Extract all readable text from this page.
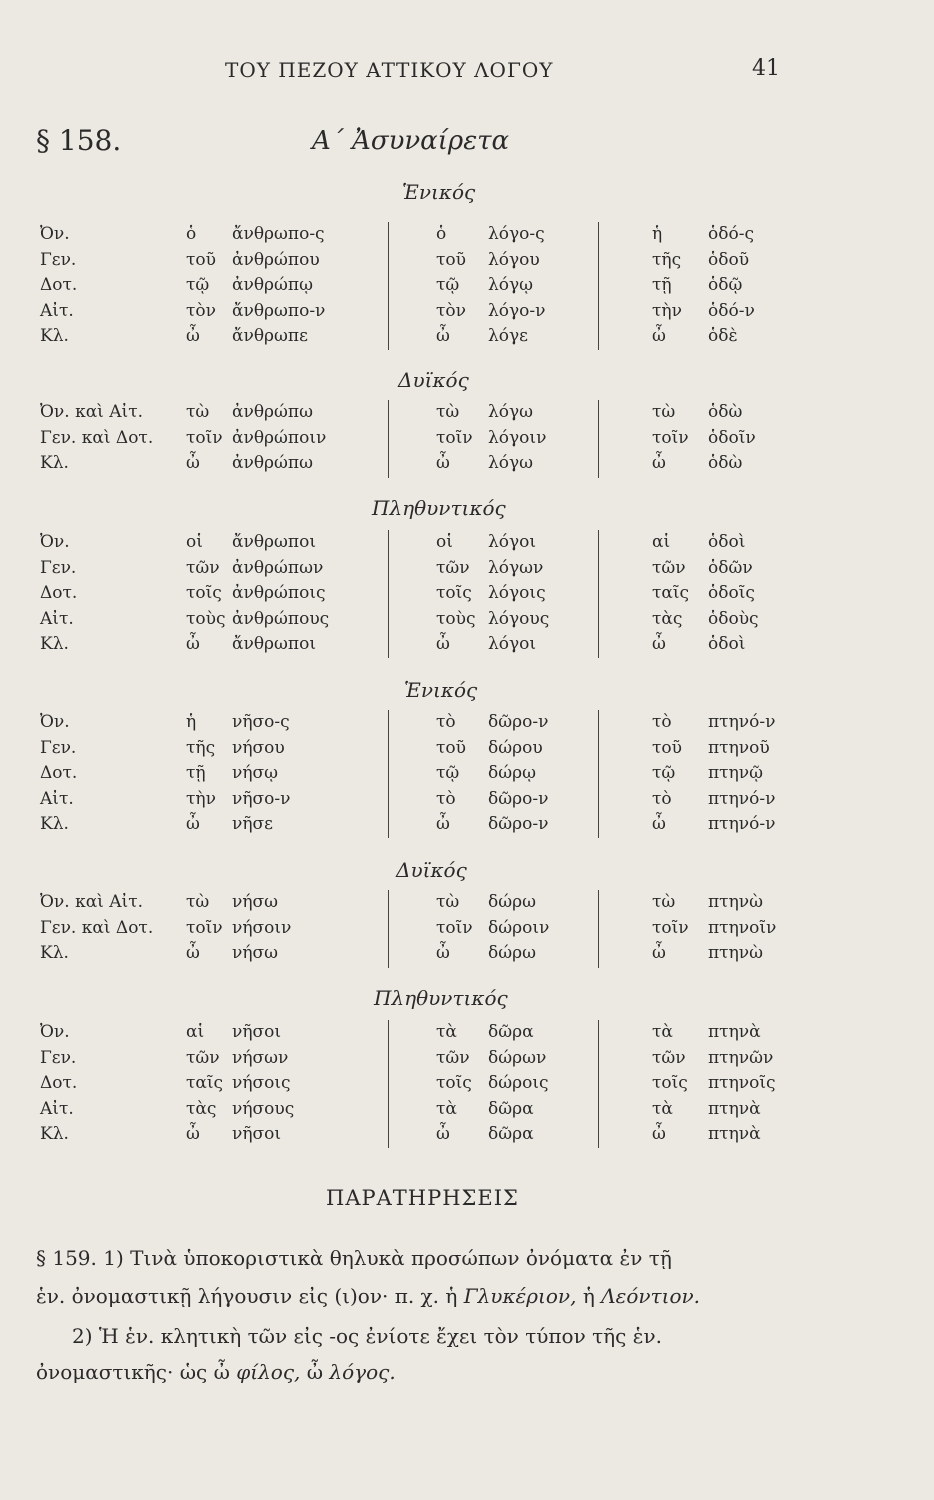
ΤΟΥ ΠΕΖΟΥ ΑΤΤΙΚΟΥ ΛΟΓΟΥ	41
§ 158.	Α΄ Ἀσυναίρετα
Ἑνικός
Δυϊκός
Πληθυντικός
Ἑνικός
Δυϊκός
Πληθυντικός
Ὀν.	ὁ ἄνθρωπο-ς	ὁ λόγο-ς	ἡ	ὁδό-ς
Γεν.	τοῦ ἀνθρώπου	τοῦ λόγου	τῆς ὁδοῦ
Δοτ.	τῷ ἀνθρώπῳ	τῷ λόγῳ	τῇ ὁδῷ
Αἰτ.	τὸν ἄνθρωπο-ν	τὸν λόγο-ν	τὴν ὁδό-ν
Κλ.	ὦ ἄνθρωπε	ὦ λόγε	ὦ ὁδὲ
Ὀν. καὶ Αἰτ.	τὼ ἀνθρώπω	τὼ λόγω	τὼ ὁδὼ
Γεν. καὶ Δοτ. τοῖν ἀνθρώποιν	τοῖν λόγοιν	τοῖν ὁδοῖν
Κλ.	ὦ ἀνθρώπω	ὦ λόγω	ὦ ὁδὼ
Ὀν.	οἱ ἄνθρωποι	οἱ λόγοι	αἱ ὁδοὶ
Γεν.	τῶν ἀνθρώπων	τῶν λόγων	τῶν ὁδῶν
Δοτ.	τοῖς ἀνθρώποις	τοῖς λόγοις	ταῖς ὁδοῖς
Αἰτ.	τοὺς ἀνθρώπους	τοὺς λόγους	τὰς ὁδοὺς
Κλ.	ὦ ἄνθρωποι	ὦ λόγοι	ὦ ὁδοὶ
Ὀν.	ἡ νῆσο-ς	τὸ δῶρο-ν	τὸ πτηνό-ν
Γεν.	τῆς νήσου	τοῦ δώρου	τοῦ πτηνοῦ
Δοτ.	τῇ νήσῳ	τῷ δώρῳ	τῷ πτηνῷ
Αἰτ.	τὴν νῆσο-ν	τὸ δῶρο-ν	τὸ πτηνό-ν
Κλ.	ὦ νῆσε	ὦ δῶρο-ν	ὦ πτηνό-ν
Ὀν. καὶ Αἰτ.	τὼ νήσω	τὼ δώρω	τὼ πτηνὼ
Γεν. καὶ Δοτ. τοῖν νήσοιν	τοῖν δώροιν	τοῖν πτηνοῖν
Κλ.	ὦ νήσω	ὦ δώρω	ὦ πτηνὼ
Ὀν.	αἱ νῆσοι	τὰ δῶρα	τὰ πτηνὰ
Γεν.	τῶν νήσων	τῶν δώρων	τῶν πτηνῶν
Δοτ.	ταῖς νήσοις	τοῖς δώροις	τοῖς πτηνοῖς
Αἰτ.	τὰς νήσους	τὰ δῶρα	τὰ πτηνὰ
Κλ.	ὦ νῆσοι	ὦ δῶρα	ὦ πτηνὰ
ΠΑΡΑΤΗΡΗΣΕΙΣ
§ 159. 1) Τινὰ ὑποκοριστικὰ θηλυκὰ προσώπων ὀνόματα ἐν τῇ
ἑν. ὀνομαστικῇ λήγουσιν εἰς (ι)ον· π. χ. ἡ Γλυκέριον, ἡ Λεόντιον.
2) Ἡ ἑν. κλητικὴ τῶν εἰς -ος ἐνίοτε ἔχει τὸν τύπον τῆς ἑν.
ὀνομαστικῆς· ὡς ὦ φίλος, ὦ λόγος.
